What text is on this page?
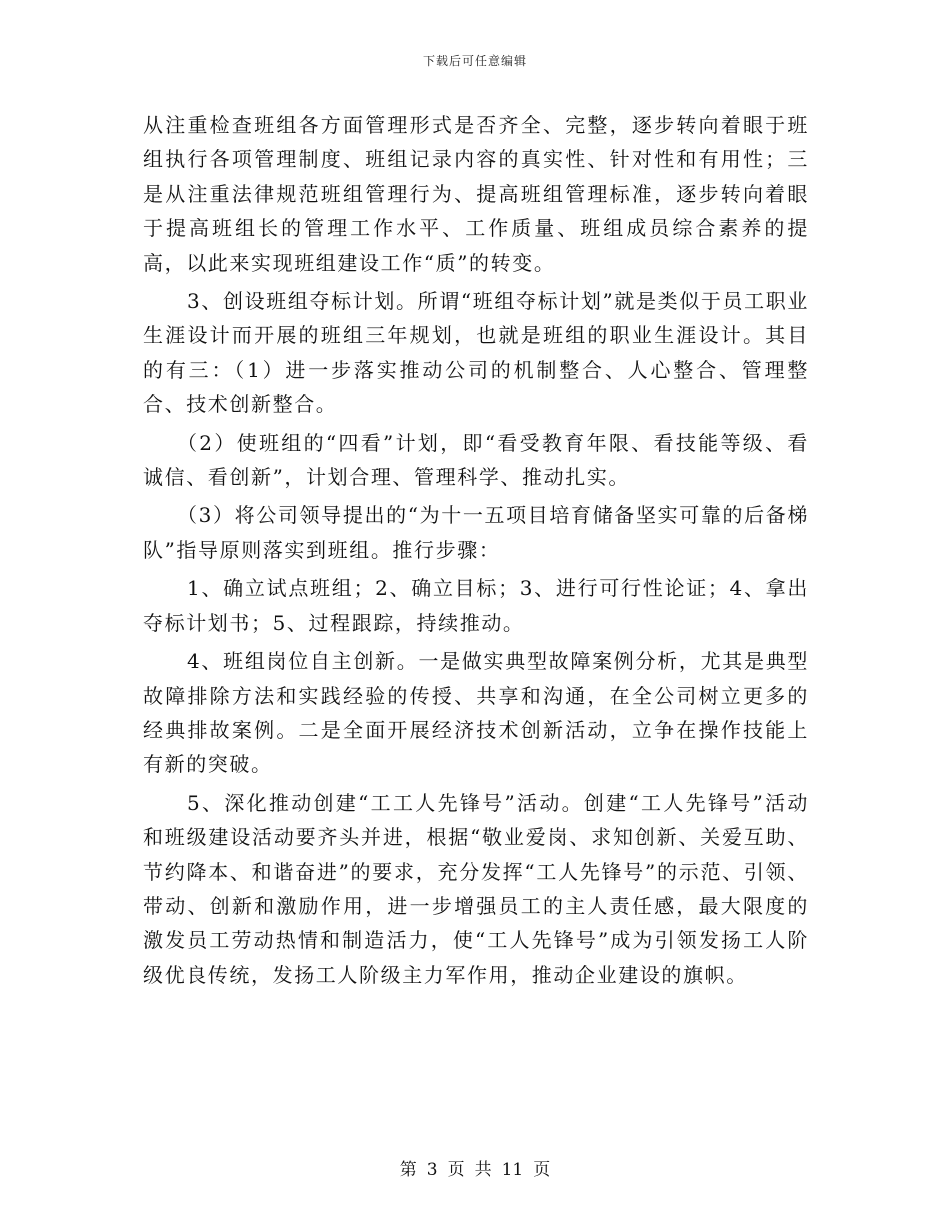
下载后可任意编辑

从注重检查班组各方面管理形式是否齐全、完整，逐步转向着眼于班组执行各项管理制度、班组记录内容的真实性、针对性和有用性；三是从注重法律规范班组管理行为、提高班组管理标准，逐步转向着眼于提高班组长的管理工作水平、工作质量、班组成员综合素养的提高，以此来实现班组建设工作“质”的转变。

3、创设班组夺标计划。所谓“班组夺标计划”就是类似于员工职业生涯设计而开展的班组三年规划，也就是班组的职业生涯设计。其目的有三：（1）进一步落实推动公司的机制整合、人心整合、管理整合、技术创新整合。

（2）使班组的“四看”计划，即“看受教育年限、看技能等级、看诚信、看创新”，计划合理、管理科学、推动扎实。

（3）将公司领导提出的“为十一五项目培育储备坚实可靠的后备梯队”指导原则落实到班组。推行步骤：

1、确立试点班组；2、确立目标；3、进行可行性论证；4、拿出夺标计划书；5、过程跟踪，持续推动。

4、班组岗位自主创新。一是做实典型故障案例分析，尤其是典型故障排除方法和实践经验的传授、共享和沟通，在全公司树立更多的经典排故案例。二是全面开展经济技术创新活动，立争在操作技能上有新的突破。

5、深化推动创建“工工人先锋号”活动。创建“工人先锋号”活动和班级建设活动要齐头并进，根据“敬业爱岗、求知创新、关爱互助、节约降本、和谐奋进”的要求，充分发挥“工人先锋号”的示范、引领、带动、创新和激励作用，进一步增强员工的主人责任感，最大限度的激发员工劳动热情和制造活力，使“工人先锋号”成为引领发扬工人阶级优良传统，发扬工人阶级主力军作用，推动企业建设的旗帜。

第 3 页 共 11 页
